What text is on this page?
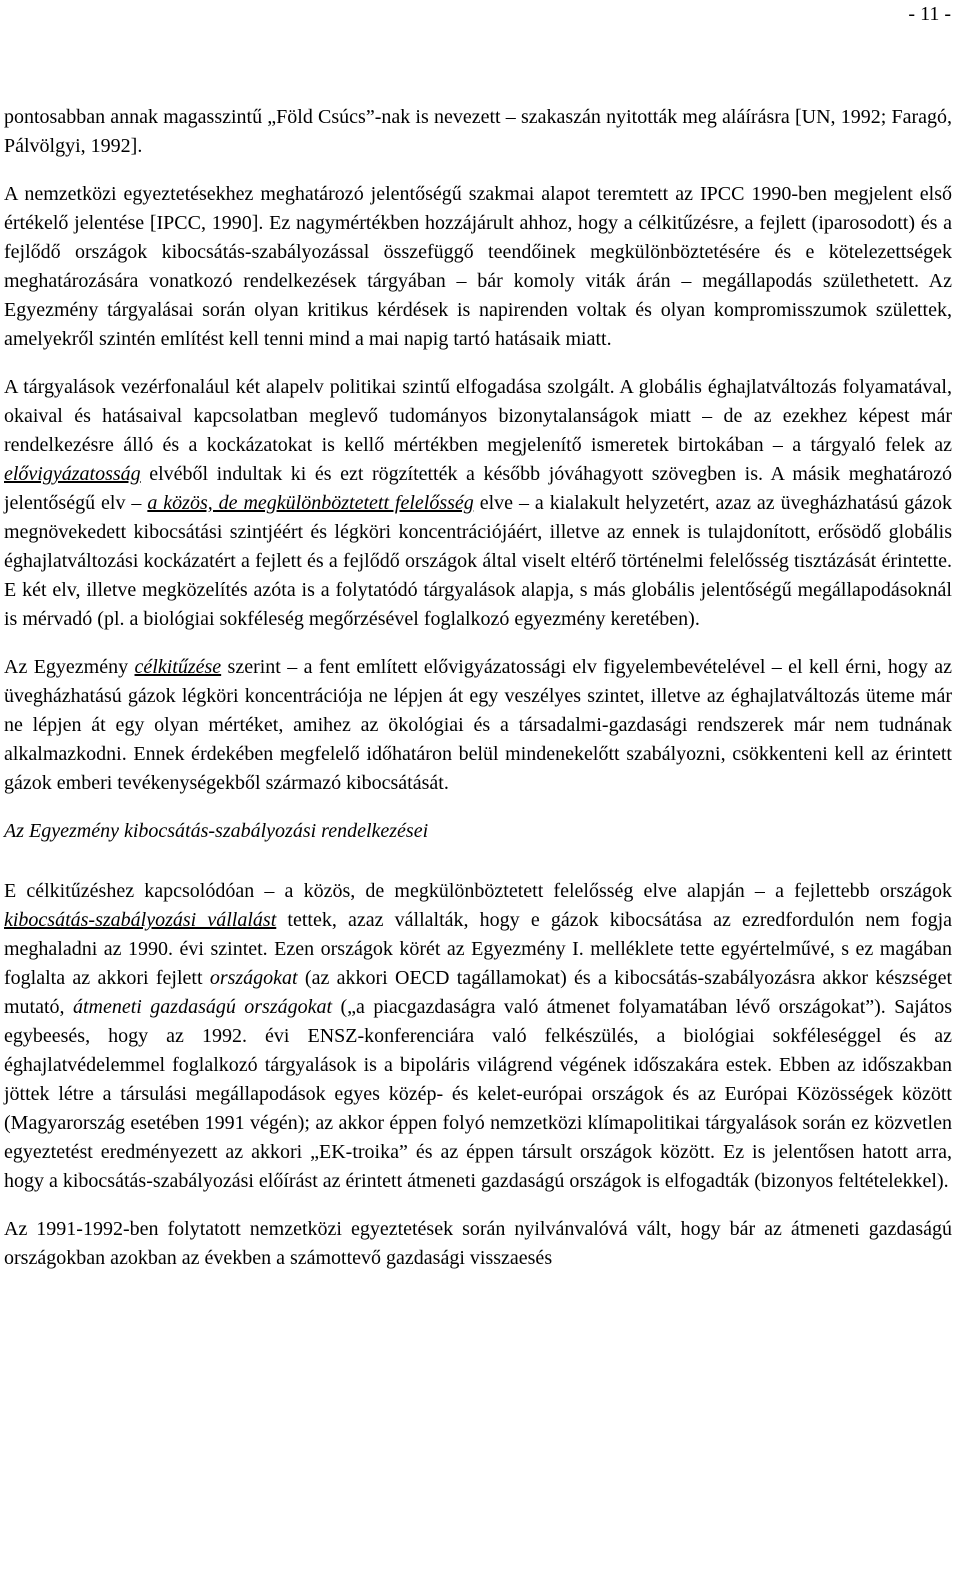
- 11 -

pontosabban annak magasszintű „Föld Csúcs”-nak is nevezett – szakaszán nyitották meg aláírásra [UN, 1992; Faragó, Pálvölgyi, 1992].

A nemzetközi egyeztetésekhez meghatározó jelentőségű szakmai alapot teremtett az IPCC 1990-ben megjelent első értékelő jelentése [IPCC, 1990]. Ez nagymértékben hozzájárult ahhoz, hogy a célkitűzésre, a fejlett (iparosodott) és a fejlődő országok kibocsátás-szabályozással összefüggő teendőinek megkülönböztetésére és e kötelezettségek meghatározására vonatkozó rendelkezések tárgyában – bár komoly viták árán – megállapodás születhetett. Az Egyezmény tárgyalásai során olyan kritikus kérdések is napirenden voltak és olyan kompromisszumok születtek, amelyekről szintén említést kell tenni mind a mai napig tartó hatásaik miatt.

A tárgyalások vezérfonalául két alapelv politikai szintű elfogadása szolgált. A globális éghajlatváltozás folyamatával, okaival és hatásaival kapcsolatban meglevő tudományos bizonytalanságok miatt – de az ezekhez képest már rendelkezésre álló és a kockázatokat is kellő mértékben megjelenítő ismeretek birtokában – a tárgyaló felek az elővigyázatosság elvéből indultak ki és ezt rögzítették a később jóváhagyott szövegben is. A másik meghatározó jelentőségű elv – a közös, de megkülönböztetett felelősség elve – a kialakult helyzetért, azaz az üvegházhatású gázok megnövekedett kibocsátási szintjéért és légköri koncentrációjáért, illetve az ennek is tulajdonított, erősödő globális éghajlatváltozási kockázatért a fejlett és a fejlődő országok által viselt eltérő történelmi felelősség tisztázását érintette. E két elv, illetve megközelítés azóta is a folytatódó tárgyalások alapja, s más globális jelentőségű megállapodásoknál is mérvadó (pl. a biológiai sokféleség megőrzésével foglalkozó egyezmény keretében).

Az Egyezmény célkitűzése szerint – a fent említett elővigyázatossági elv figyelembevételével – el kell érni, hogy az üvegházhatású gázok légköri koncentrációja ne lépjen át egy veszélyes szintet, illetve az éghajlatváltozás üteme már ne lépjen át egy olyan mértéket, amihez az ökológiai és a társadalmi-gazdasági rendszerek már nem tudnának alkalmazkodni. Ennek érdekében megfelelő időhatáron belül mindenekelőtt szabályozni, csökkenteni kell az érintett gázok emberi tevékenységekből származó kibocsátását.

Az Egyezmény kibocsátás-szabályozási rendelkezései

E célkitűzéshez kapcsolódóan – a közös, de megkülönböztetett felelősség elve alapján – a fejlettebb országok kibocsátás-szabályozási vállalást tettek, azaz vállalták, hogy e gázok kibocsátása az ezredfordulón nem fogja meghaladni az 1990. évi szintet. Ezen országok körét az Egyezmény I. melléklete tette egyértelművé, s ez magában foglalta az akkori fejlett országokat (az akkori OECD tagállamokat) és a kibocsátás-szabályozásra akkor készséget mutató, átmeneti gazdaságú országokat („a piacgazdaságra való átmenet folyamatában lévő országokat”). Sajátos egybeesés, hogy az 1992. évi ENSZ-konferenciára való felkészülés, a biológiai sokféleséggel és az éghajlatvédelemmel foglalkozó tárgyalások is a bipoláris világrend végének időszakára estek. Ebben az időszakban jöttek létre a társulási megállapodások egyes közép- és kelet-európai országok és az Európai Közösségek között (Magyarország esetében 1991 végén); az akkor éppen folyó nemzetközi klímapolitikai tárgyalások során ez közvetlen egyeztetést eredményezett az akkori „EK-troika” és az éppen társult országok között. Ez is jelentősen hatott arra, hogy a kibocsátás-szabályozási előírást az érintett átmeneti gazdaságú országok is elfogadták (bizonyos feltételekkel).

Az 1991-1992-ben folytatott nemzetközi egyeztetések során nyilvánvalóvá vált, hogy bár az átmeneti gazdaságú országokban azokban az években a számottevő gazdasági visszaesés
